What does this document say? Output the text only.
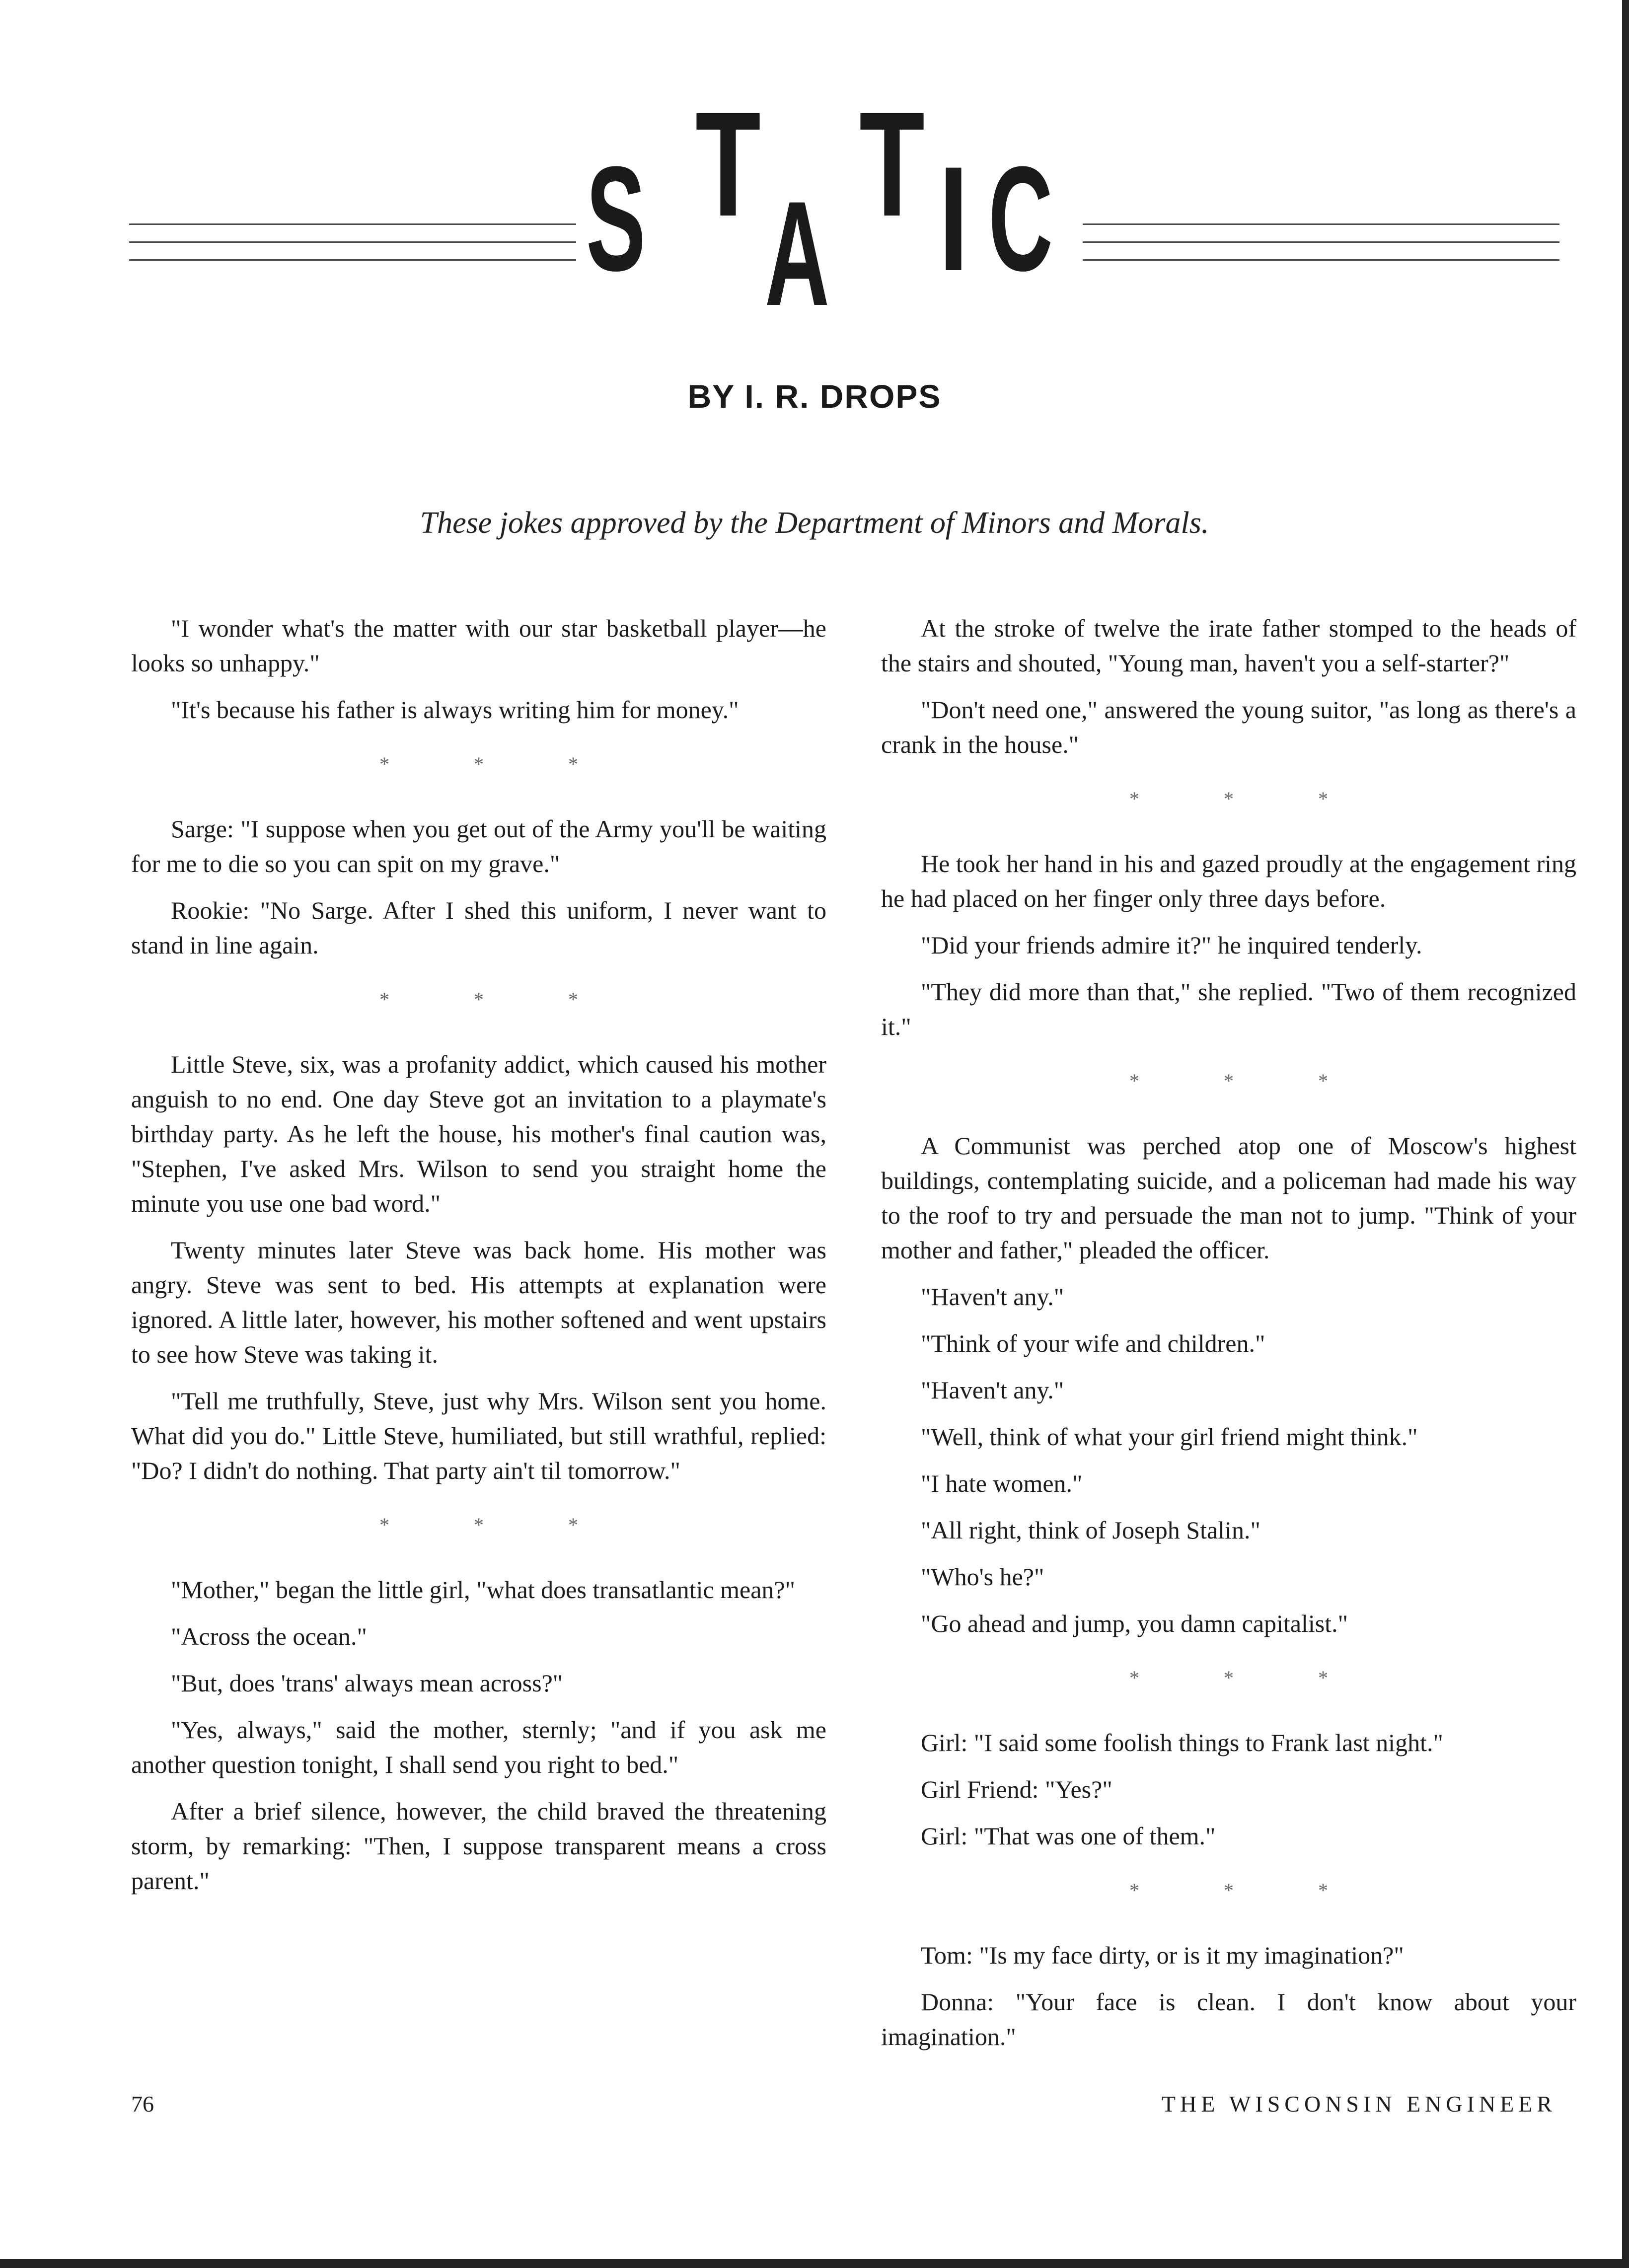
S T
A
T I C
BY I. R. DROPS
These jokes approved by the Department of Minors and Morals.

"I wonder what's the matter with our star basketball player—he looks so unhappy."

"It's because his father is always writing him for money."

* * *

Sarge: "I suppose when you get out of the Army you'll be waiting for me to die so you can spit on my grave."

Rookie: "No Sarge. After I shed this uniform, I never want to stand in line again.

* * *

Little Steve, six, was a profanity addict, which caused his mother anguish to no end. One day Steve got an invitation to a playmate's birthday party. As he left the house, his mother's final caution was, "Stephen, I've asked Mrs. Wilson to send you straight home the minute you use one bad word."

Twenty minutes later Steve was back home. His mother was angry. Steve was sent to bed. His attempts at explanation were ignored. A little later, however, his mother softened and went upstairs to see how Steve was taking it.

"Tell me truthfully, Steve, just why Mrs. Wilson sent you home. What did you do." Little Steve, humiliated, but still wrathful, replied: "Do? I didn't do nothing. That party ain't til tomorrow."

* * *

"Mother," began the little girl, "what does transatlantic mean?"

"Across the ocean."

"But, does 'trans' always mean across?"

"Yes, always," said the mother, sternly; "and if you ask me another question tonight, I shall send you right to bed."

After a brief silence, however, the child braved the threatening storm, by remarking: "Then, I suppose transparent means a cross parent."

At the stroke of twelve the irate father stomped to the heads of the stairs and shouted, "Young man, haven't you a self-starter?"

"Don't need one," answered the young suitor, "as long as there's a crank in the house."

* * *

He took her hand in his and gazed proudly at the engagement ring he had placed on her finger only three days before.

"Did your friends admire it?" he inquired tenderly.

"They did more than that," she replied. "Two of them recognized it."

* * *

A Communist was perched atop one of Moscow's highest buildings, contemplating suicide, and a policeman had made his way to the roof to try and persuade the man not to jump. "Think of your mother and father," pleaded the officer.

"Haven't any."

"Think of your wife and children."

"Haven't any."

"Well, think of what your girl friend might think."

"I hate women."

"All right, think of Joseph Stalin."

"Who's he?"

"Go ahead and jump, you damn capitalist."

* * *

Girl: "I said some foolish things to Frank last night."

Girl Friend: "Yes?"

Girl: "That was one of them."

* * *

Tom: "Is my face dirty, or is it my imagination?"

Donna: "Your face is clean. I don't know about your imagination."

76	THE WISCONSIN ENGINEER
